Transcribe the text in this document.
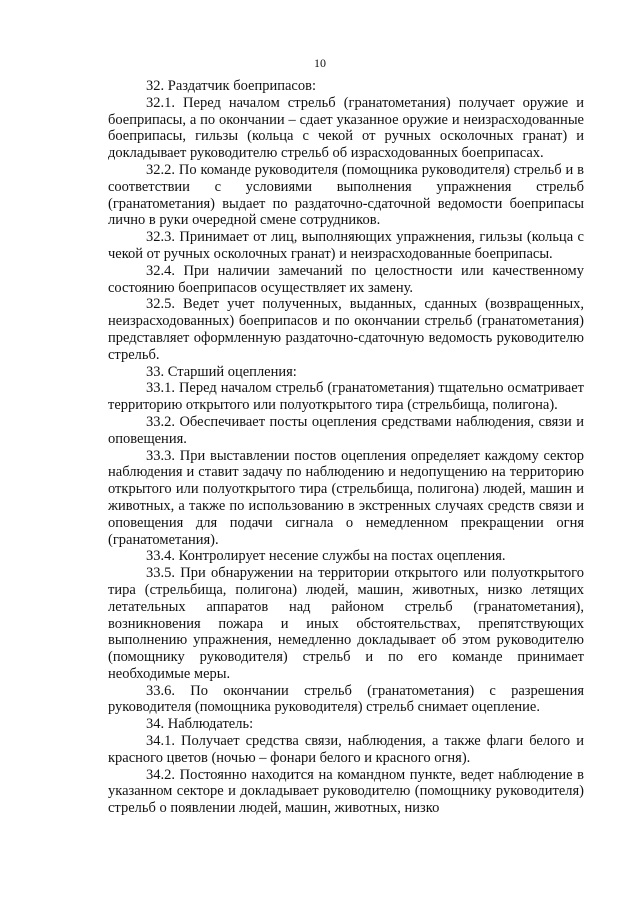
10

32. Раздатчик боеприпасов:

32.1. Перед началом стрельб (гранатометания) получает оружие и боеприпасы, а по окончании – сдает указанное оружие и неизрасходованные боеприпасы, гильзы (кольца с чекой от ручных осколочных гранат) и докладывает руководителю стрельб об израсходованных боеприпасах.

32.2. По команде руководителя (помощника руководителя) стрельб и в соответствии с условиями выполнения упражнения стрельб (гранатометания) выдает по раздаточно-сдаточной ведомости боеприпасы лично в руки очередной смене сотрудников.

32.3. Принимает от лиц, выполняющих упражнения, гильзы (кольца с чекой от ручных осколочных гранат) и неизрасходованные боеприпасы.

32.4. При наличии замечаний по целостности или качественному состоянию боеприпасов осуществляет их замену.

32.5. Ведет учет полученных, выданных, сданных (возвращенных, неизрасходованных) боеприпасов и по окончании стрельб (гранатометания) представляет оформленную раздаточно-сдаточную ведомость руководителю стрельб.

33. Старший оцепления:

33.1. Перед началом стрельб (гранатометания) тщательно осматривает территорию открытого или полуоткрытого тира (стрельбища, полигона).

33.2. Обеспечивает посты оцепления средствами наблюдения, связи и оповещения.

33.3. При выставлении постов оцепления определяет каждому сектор наблюдения и ставит задачу по наблюдению и недопущению на территорию открытого или полуоткрытого тира (стрельбища, полигона) людей, машин и животных, а также по использованию в экстренных случаях средств связи и оповещения для подачи сигнала о немедленном прекращении огня (гранатометания).

33.4. Контролирует несение службы на постах оцепления.

33.5. При обнаружении на территории открытого или полуоткрытого тира (стрельбища, полигона) людей, машин, животных, низко летящих летательных аппаратов над районом стрельб (гранатометания), возникновения пожара и иных обстоятельствах, препятствующих выполнению упражнения, немедленно докладывает об этом руководителю (помощнику руководителя) стрельб и по его команде принимает необходимые меры.

33.6. По окончании стрельб (гранатометания) с разрешения руководителя (помощника руководителя) стрельб снимает оцепление.

34. Наблюдатель:

34.1. Получает средства связи, наблюдения, а также флаги белого и красного цветов (ночью – фонари белого и красного огня).

34.2. Постоянно находится на командном пункте, ведет наблюдение в указанном секторе и докладывает руководителю (помощнику руководителя) стрельб о появлении людей, машин, животных, низко
